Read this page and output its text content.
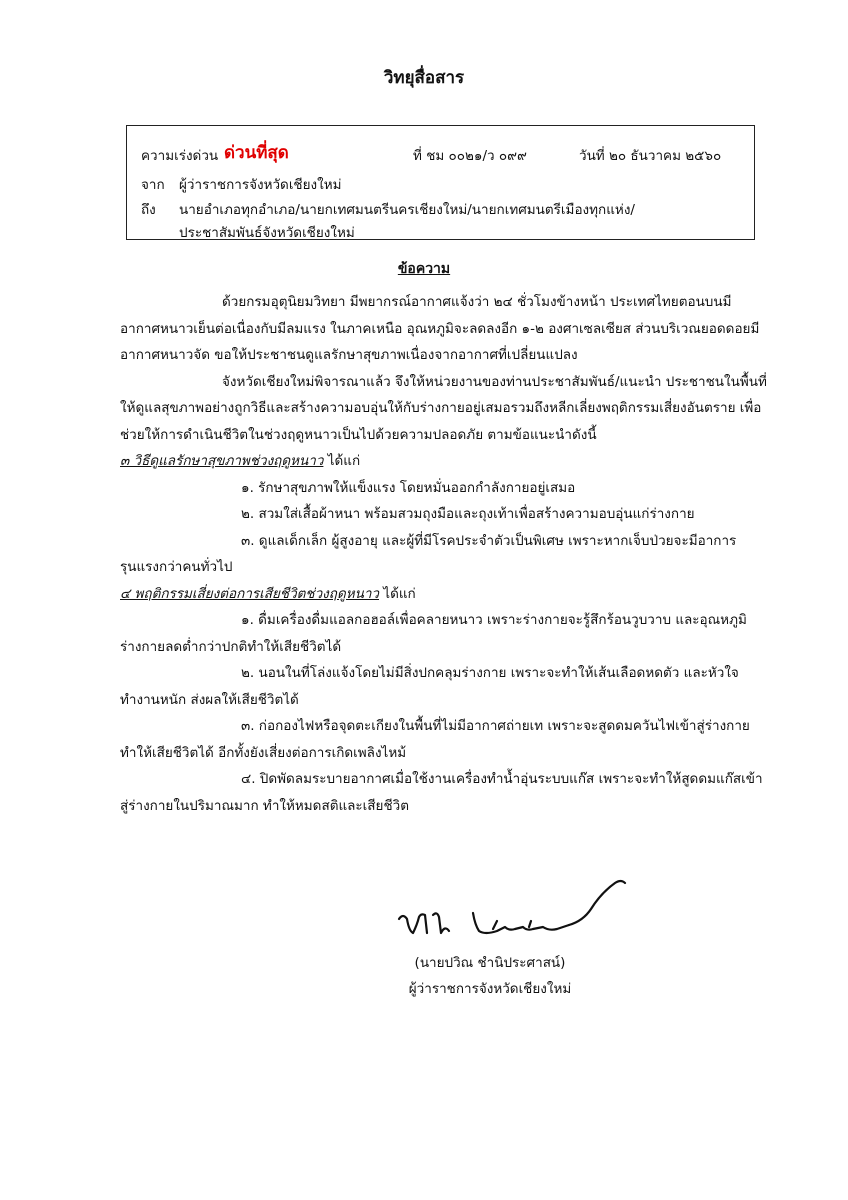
วิทยุสื่อสาร
ความเร่งด่วน ด่วนที่สุด	ที่ ชม ๐๐๒๑/ว ๐๙๙	วันที่ ๒๐ ธันวาคม ๒๕๖๐
จาก ผู้ว่าราชการจังหวัดเชียงใหม่
ถึง นายอำเภอทุกอำเภอ/นายกเทศมนตรีนครเชียงใหม่/นายกเทศมนตรีเมืองทุกแห่ง/
ประชาสัมพันธ์จังหวัดเชียงใหม่
ข้อความ

ด้วยกรมอุตุนิยมวิทยา มีพยากรณ์อากาศแจ้งว่า ๒๔ ชั่วโมงข้างหน้า ประเทศไทยตอนบนมีอากาศหนาวเย็นต่อเนื่องกับมีลมแรง ในภาคเหนือ อุณหภูมิจะลดลงอีก ๑-๒ องศาเซลเซียส ส่วนบริเวณยอดดอยมีอากาศหนาวจัด ขอให้ประชาชนดูแลรักษาสุขภาพเนื่องจากอากาศที่เปลี่ยนแปลง

จังหวัดเชียงใหม่พิจารณาแล้ว จึงให้หน่วยงานของท่านประชาสัมพันธ์/แนะนำ ประชาชนในพื้นที่ให้ดูแลสุขภาพอย่างถูกวิธีและสร้างความอบอุ่นให้กับร่างกายอยู่เสมอรวมถึงหลีกเลี่ยงพฤติกรรมเสี่ยงอันตราย เพื่อช่วยให้การดำเนินชีวิตในช่วงฤดูหนาวเป็นไปด้วยความปลอดภัย ตามข้อแนะนำดังนี้

๓ วิธีดูแลรักษาสุขภาพช่วงฤดูหนาว ได้แก่

๑. รักษาสุขภาพให้แข็งแรง โดยหมั่นออกกำลังกายอยู่เสมอ
๒. สวมใส่เสื้อผ้าหนา พร้อมสวมถุงมือและถุงเท้าเพื่อสร้างความอบอุ่นแก่ร่างกาย
๓. ดูแลเด็กเล็ก ผู้สูงอายุ และผู้ที่มีโรคประจำตัวเป็นพิเศษ เพราะหากเจ็บป่วยจะมีอาการรุนแรงกว่าคนทั่วไป

๔ พฤติกรรมเสี่ยงต่อการเสียชีวิตช่วงฤดูหนาว ได้แก่

๑. ดื่มเครื่องดื่มแอลกอฮอล์เพื่อคลายหนาว เพราะร่างกายจะรู้สึกร้อนวูบวาบ และอุณหภูมิร่างกายลดต่ำกว่าปกติทำให้เสียชีวิตได้
๒. นอนในที่โล่งแจ้งโดยไม่มีสิ่งปกคลุมร่างกาย เพราะจะทำให้เส้นเลือดหดตัว และหัวใจทำงานหนัก ส่งผลให้เสียชีวิตได้
๓. ก่อกองไฟหรือจุดตะเกียงในพื้นที่ไม่มีอากาศถ่ายเท เพราะจะสูดดมควันไฟเข้าสู่ร่างกายทำให้เสียชีวิตได้ อีกทั้งยังเสี่ยงต่อการเกิดเพลิงไหม้
๔. ปิดพัดลมระบายอากาศเมื่อใช้งานเครื่องทำน้ำอุ่นระบบแก๊ส เพราะจะทำให้สูดดมแก๊สเข้าสู่ร่างกายในปริมาณมาก ทำให้หมดสติและเสียชีวิต
(นายปวิณ ชำนิประศาสน์)
ผู้ว่าราชการจังหวัดเชียงใหม่
